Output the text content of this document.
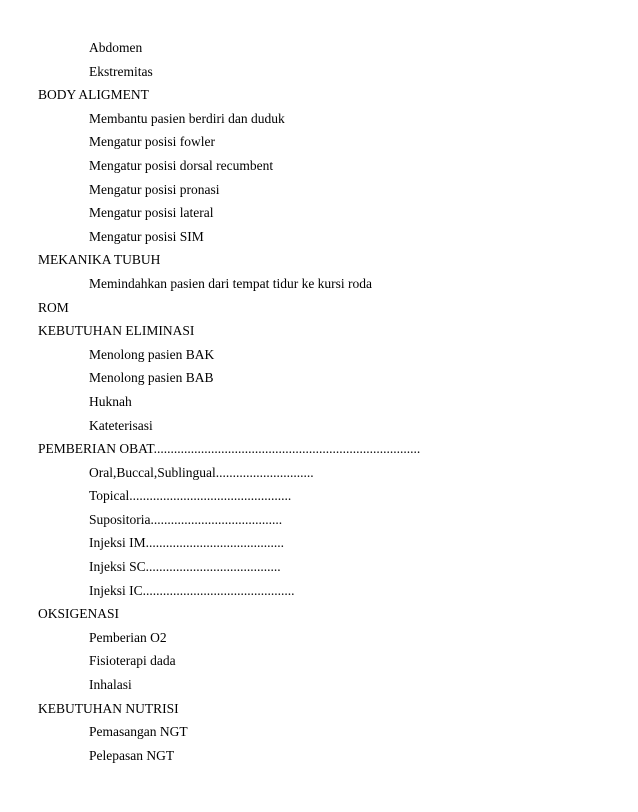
Abdomen
Ekstremitas
BODY ALIGMENT
Membantu pasien berdiri dan duduk
Mengatur posisi fowler
Mengatur posisi dorsal recumbent
Mengatur posisi pronasi
Mengatur posisi lateral
Mengatur posisi SIM
MEKANIKA TUBUH
Memindahkan pasien dari tempat tidur ke kursi roda
ROM
KEBUTUHAN ELIMINASI
Menolong pasien BAK
Menolong pasien BAB
Huknah
Kateterisasi
PEMBERIAN OBAT...............................................................................
Oral,Buccal,Sublingual.............................
Topical................................................
Supositoria.......................................
Injeksi IM.........................................
Injeksi SC........................................
Injeksi IC.............................................
OKSIGENASI
Pemberian O2
Fisioterapi dada
Inhalasi
KEBUTUHAN NUTRISI
Pemasangan NGT
Pelepasan NGT
